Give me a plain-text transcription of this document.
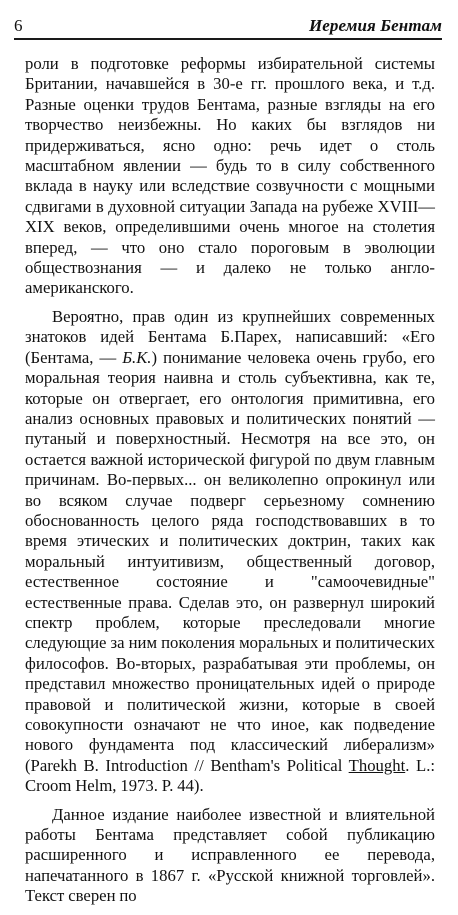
6	Иеремия Бентам

роли в подготовке реформы избирательной системы Британии, начавшейся в 30-е гг. прошлого века, и т.д. Разные оценки трудов Бентама, разные взгляды на его творчество неизбежны. Но каких бы взглядов ни придерживаться, ясно одно: речь идет о столь масштабном явлении — будь то в силу собственного вклада в науку или вследствие созвучности с мощными сдвигами в духовной ситуации Запада на рубеже XVIII—XIX веков, определившими очень многое на столетия вперед, — что оно стало пороговым в эволюции обществознания — и далеко не только англо-американского.

Вероятно, прав один из крупнейших современных знатоков идей Бентама Б.Парех, написавший: «Его (Бентама, — Б.К.) понимание человека очень грубо, его моральная теория наивна и столь субъективна, как те, которые он отвергает, его онтология примитивна, его анализ основных правовых и политических понятий — путаный и поверхностный. Несмотря на все это, он остается важной исторической фигурой по двум главным причинам. Во-первых... он великолепно опрокинул или во всяком случае подверг серьезному сомнению обоснованность целого ряда господствовавших в то время этических и политических доктрин, таких как моральный интуитивизм, общественный договор, естественное состояние и "самоочевидные" естественные права. Сделав это, он развернул широкий спектр проблем, которые преследовали многие следующие за ним поколения моральных и политических философов. Во-вторых, разрабатывая эти проблемы, он представил множество проницательных идей о природе правовой и политической жизни, которые в своей совокупности означают не что иное, как подведение нового фундамента под классический либерализм» (Parekh B. Introduction // Bentham's Political Thought. L.: Croom Helm, 1973. P. 44).

Данное издание наиболее известной и влиятельной работы Бентама представляет собой публикацию расширенного и исправленного ее перевода, напечатанного в 1867 г. «Русской книжной торговлей». Текст сверен по
